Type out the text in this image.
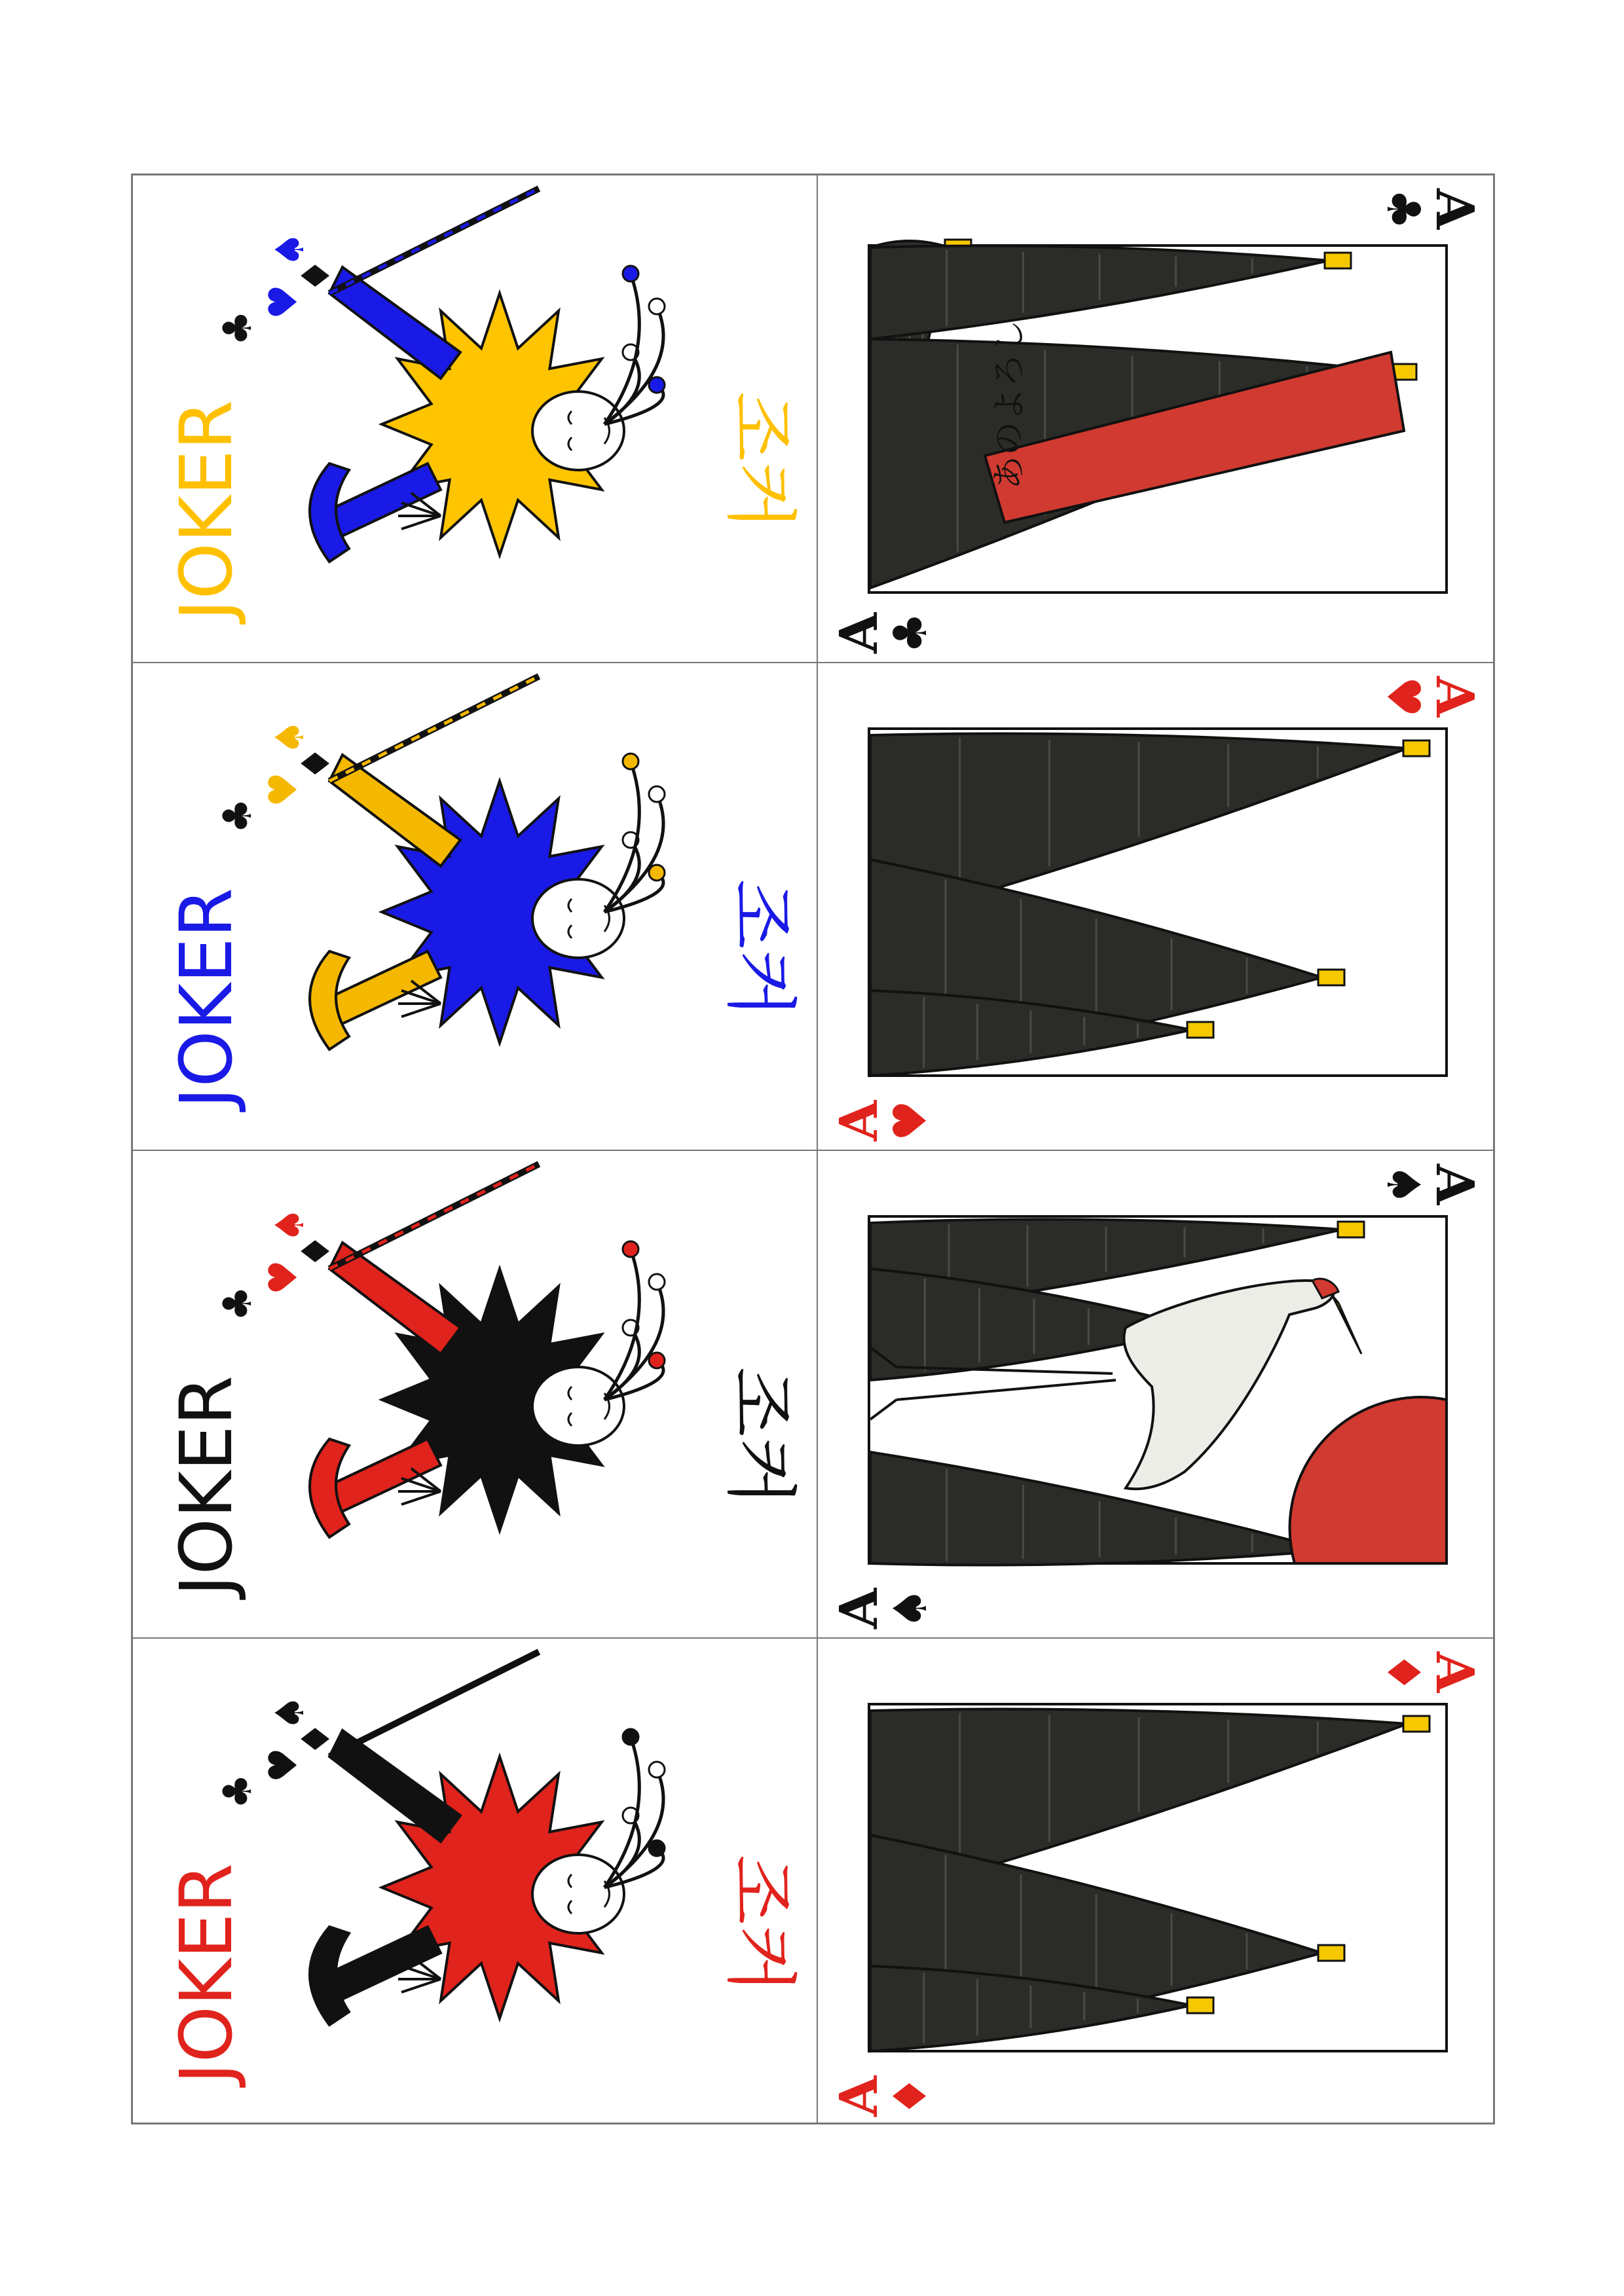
♣
♥
♦
♠
JOKER	조커
♣
♥
♦
♠
JOKER	조커
♣
♥
♦
♠
JOKER	조커
♣
♥
♦
♠
JOKER	조커
あのよろし
A
♣
A
♣
A
♥
A
♥
A
♠
A
♠
A
♦
A
♦
